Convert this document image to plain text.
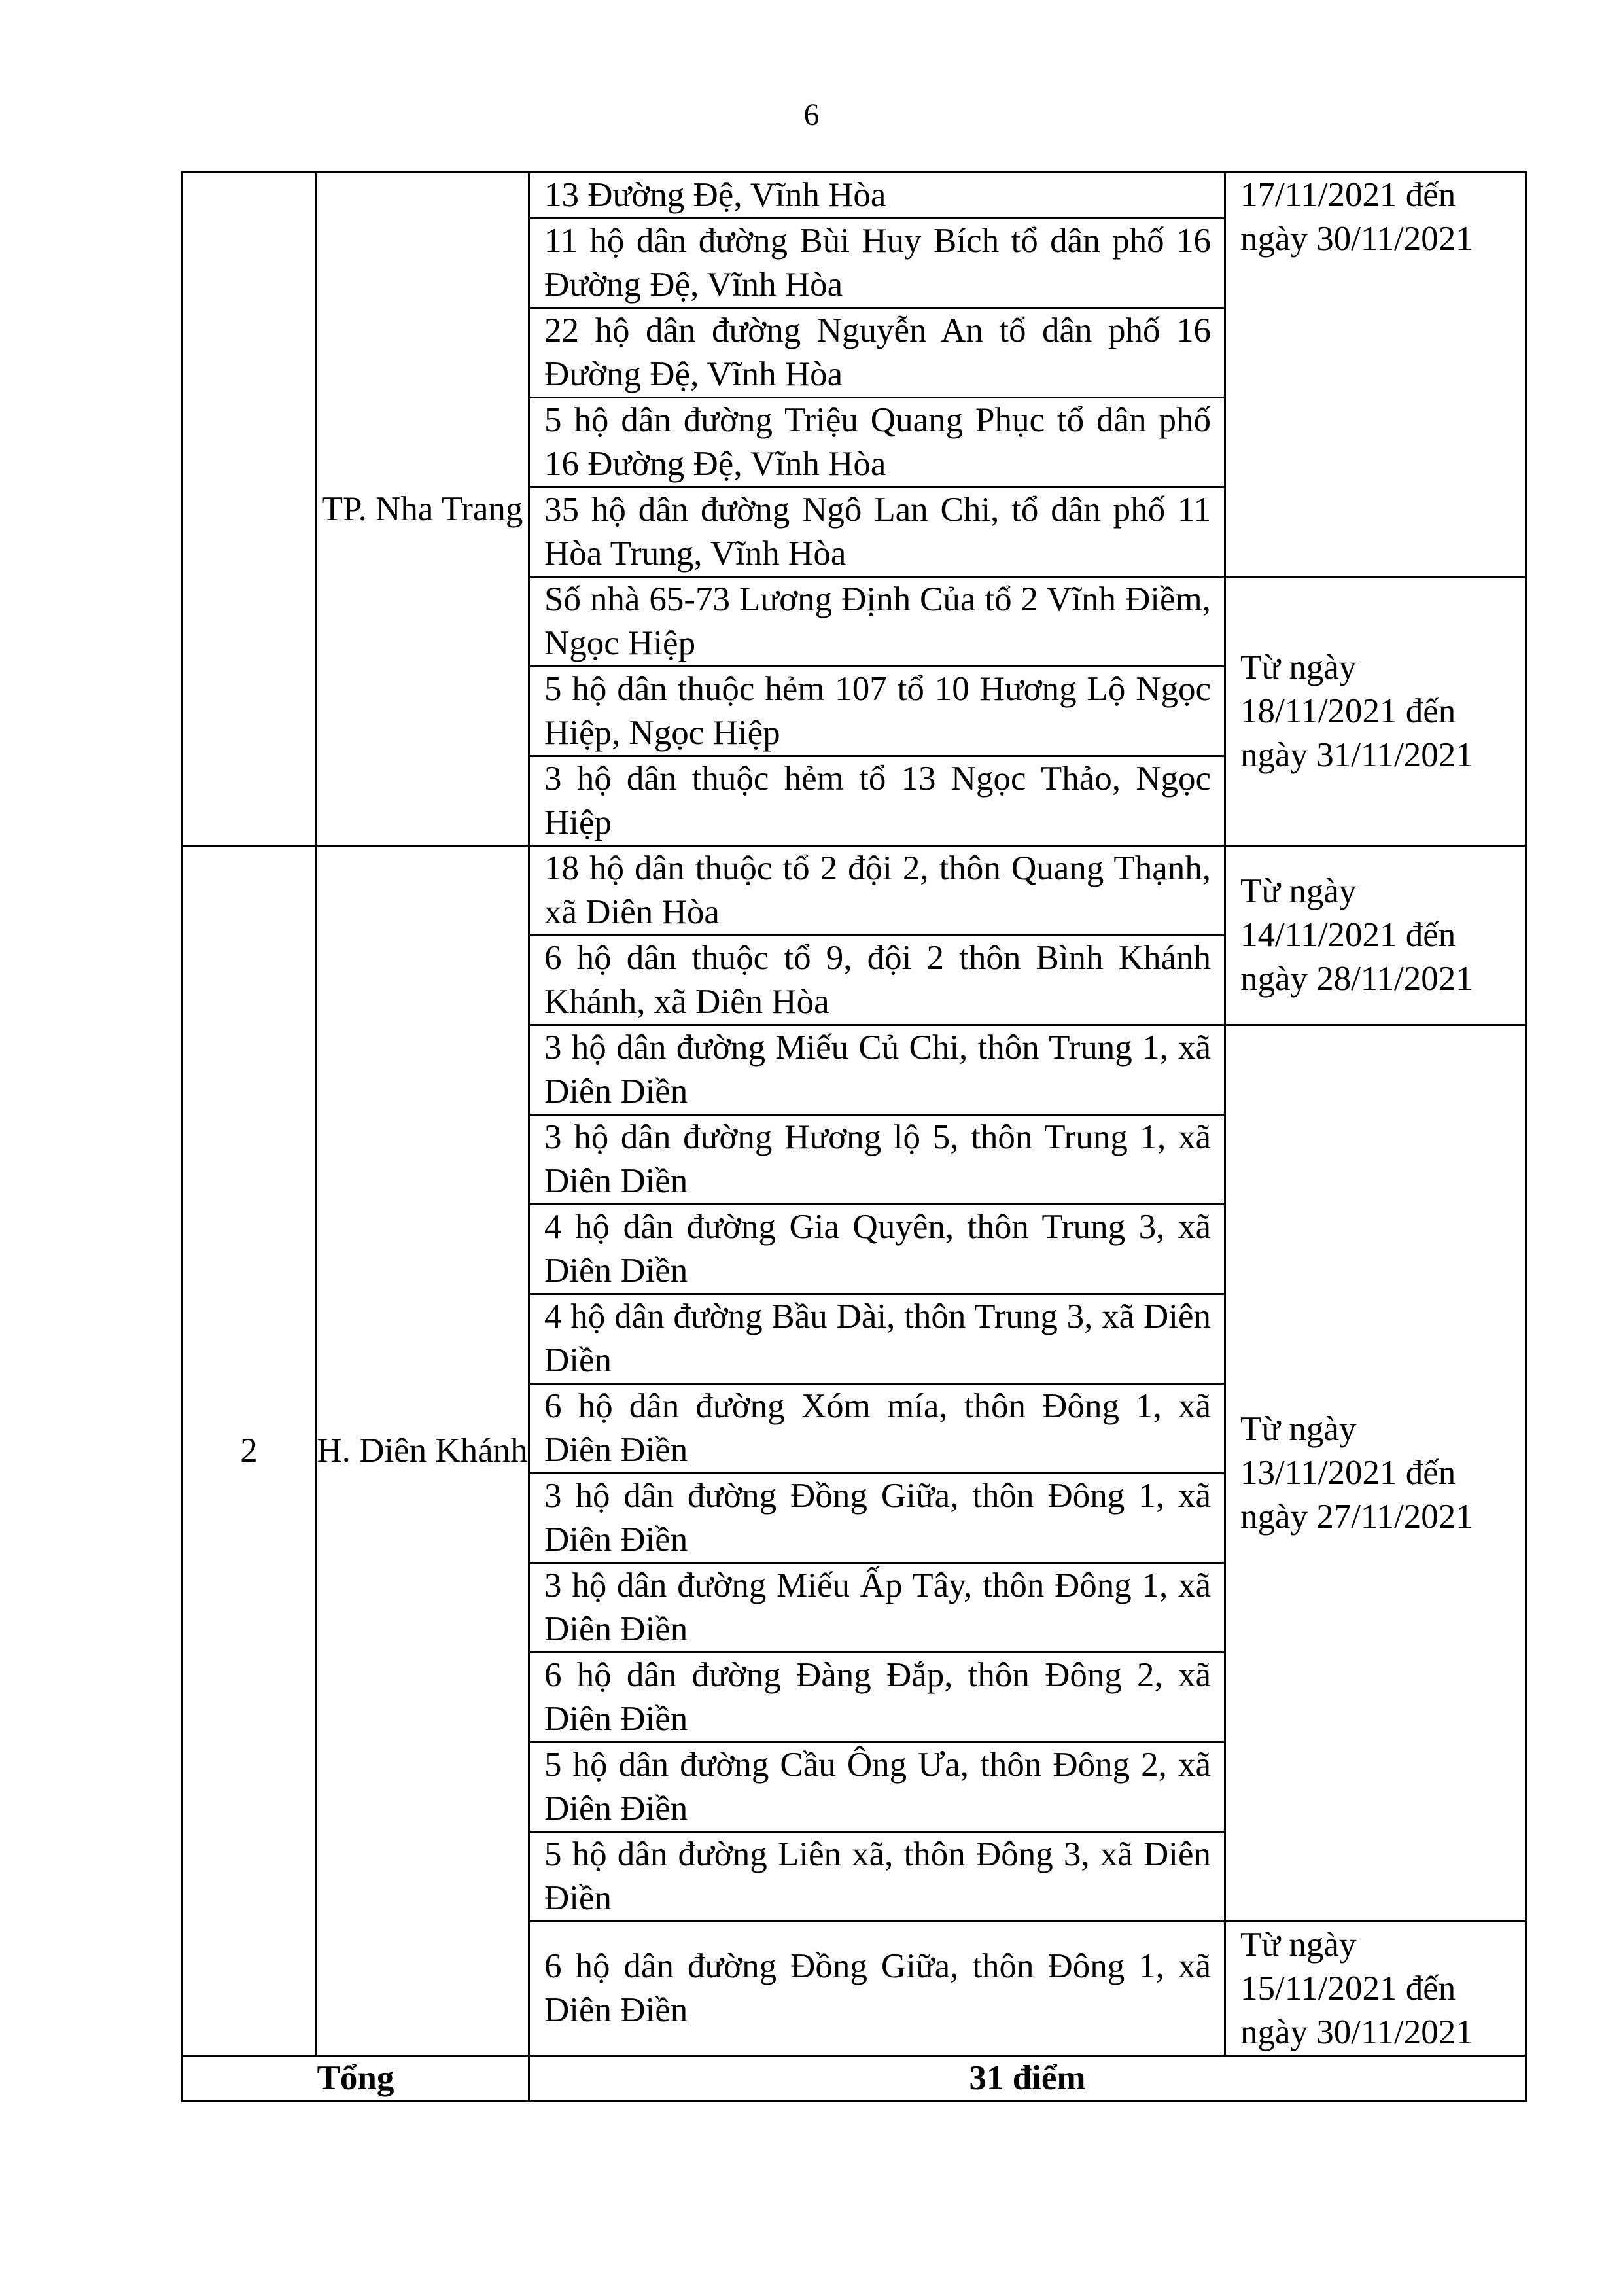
6
	TP. Nha Trang	13 Đường Đệ, Vĩnh Hòa	17/11/2021 đến ngày 30/11/2021
		11 hộ dân đường Bùi Huy Bích tổ dân phố 16 Đường Đệ, Vĩnh Hòa	
		22 hộ dân đường Nguyễn An tổ dân phố 16 Đường Đệ, Vĩnh Hòa	
		5 hộ dân đường Triệu Quang Phục tổ dân phố 16 Đường Đệ, Vĩnh Hòa	
		35 hộ dân đường Ngô Lan Chi, tổ dân phố 11 Hòa Trung, Vĩnh Hòa	
		Số nhà 65-73 Lương Định Của tổ 2 Vĩnh Điềm, Ngọc Hiệp	Từ ngày 18/11/2021 đến ngày 31/11/2021
		5 hộ dân thuộc hẻm 107 tổ 10 Hương Lộ Ngọc Hiệp, Ngọc Hiệp	
		3 hộ dân thuộc hẻm tổ 13 Ngọc Thảo, Ngọc Hiệp	
2	H. Diên Khánh	18 hộ dân thuộc tổ 2 đội 2, thôn Quang Thạnh, xã Diên Hòa	Từ ngày 14/11/2021 đến ngày 28/11/2021
		6 hộ dân thuộc tổ 9, đội 2 thôn Bình Khánh Khánh, xã Diên Hòa	
		3 hộ dân đường Miếu Củ Chi, thôn Trung 1, xã Diên Diền	Từ ngày 13/11/2021 đến ngày 27/11/2021
		3 hộ dân đường Hương lộ 5, thôn Trung 1, xã Diên Diền	
		4 hộ dân đường Gia Quyên, thôn Trung 3, xã Diên Diền	
		4 hộ dân đường Bầu Dài, thôn Trung 3, xã Diên Diền	
		6 hộ dân đường Xóm mía, thôn Đông 1, xã Diên Điền	
		3 hộ dân đường Đồng Giữa, thôn Đông 1, xã Diên Điền	
		3 hộ dân đường Miếu Ấp Tây, thôn Đông 1, xã Diên Điền	
		6 hộ dân đường Đàng Đắp, thôn Đông 2, xã Diên Điền	
		5 hộ dân đường Cầu Ông Ưa, thôn Đông 2, xã Diên Điền	
		5 hộ dân đường Liên xã, thôn Đông 3, xã Diên Điền	
		6 hộ dân đường Đồng Giữa, thôn Đông 1, xã Diên Điền	Từ ngày 15/11/2021 đến ngày 30/11/2021
Tổng		31 điểm	
